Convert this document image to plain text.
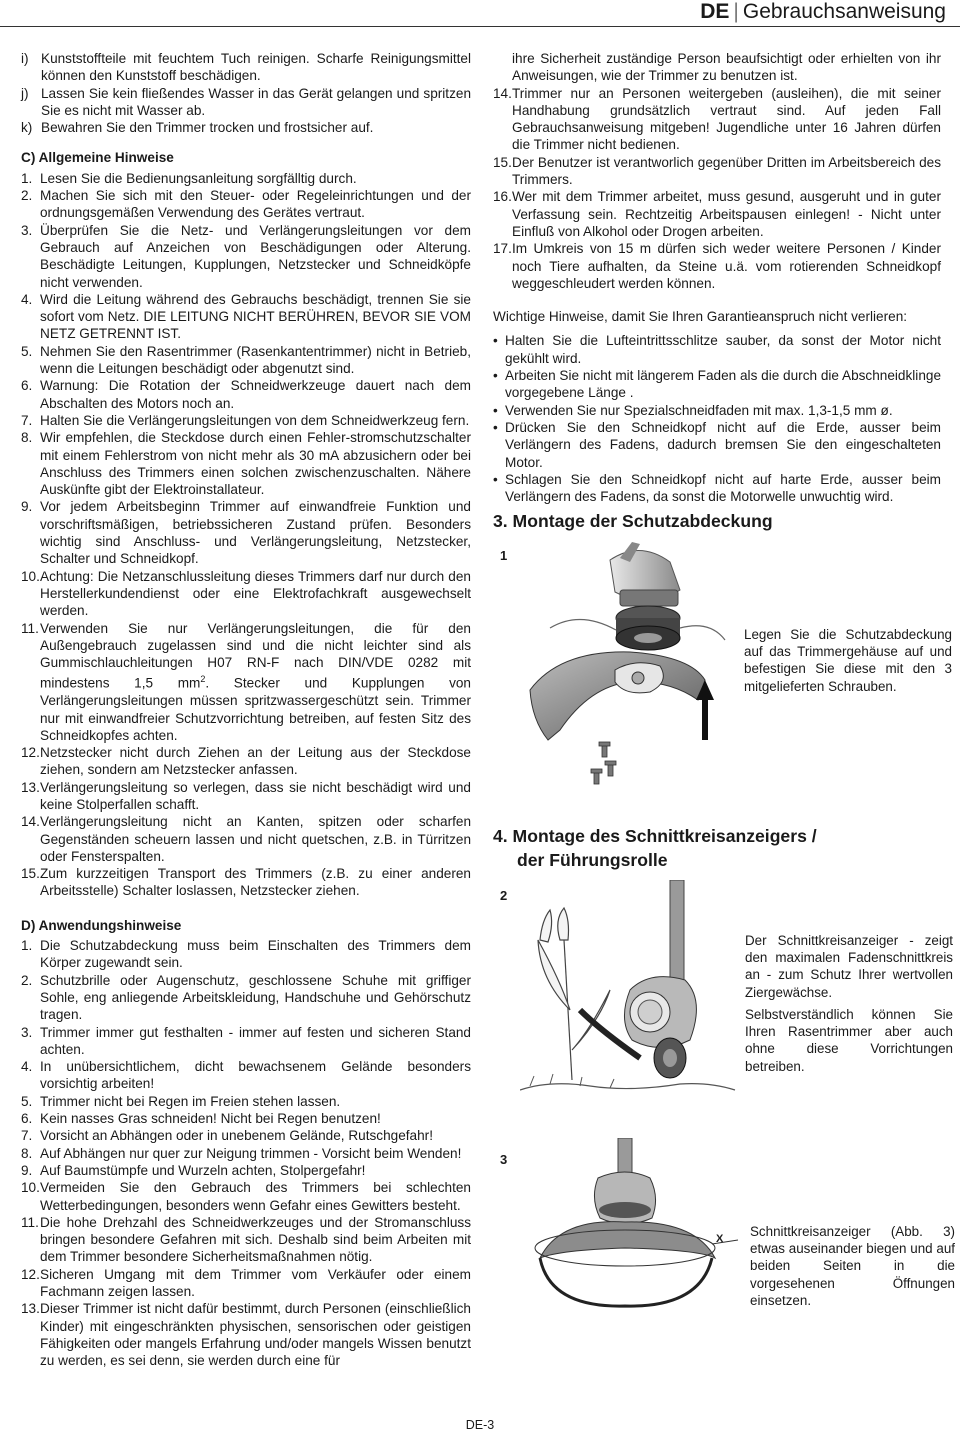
DE | Gebrauchsanweisung
i) Kunststoffteile mit feuchtem Tuch reinigen. Scharfe Reinigungsmittel können den Kunststoff beschädigen.
j) Lassen Sie kein fließendes Wasser in das Gerät gelangen und spritzen Sie es nicht mit Wasser ab.
k) Bewahren Sie den Trimmer trocken und frostsicher auf.
C) Allgemeine Hinweise
1. Lesen Sie die Bedienungsanleitung sorgfälltig durch.
2. Machen Sie sich mit den Steuer- oder Regeleinrichtungen und der ordnungsgemäßen Verwendung des Gerätes vertraut.
3. Überprüfen Sie die Netz- und Verlängerungsleitungen vor dem Gebrauch auf Anzeichen von Beschädigungen oder Alterung. Beschädigte Leitungen, Kupplungen, Netzstecker und Schneidköpfe nicht verwenden.
4. Wird die Leitung während des Gebrauchs beschädigt, trennen Sie sie sofort vom Netz. DIE LEITUNG NICHT BERÜHREN, BEVOR SIE VOM NETZ GETRENNT IST.
5. Nehmen Sie den Rasentrimmer (Rasenkantentrimmer) nicht in Betrieb, wenn die Leitungen beschädigt oder abgenutzt sind.
6. Warnung: Die Rotation der Schneidwerkzeuge dauert nach dem Abschalten des Motors noch an.
7. Halten Sie die Verlängerungsleitungen von dem Schneidwerkzeug fern.
8. Wir empfehlen, die Steckdose durch einen Fehler-stromschutzschalter mit einem Fehlerstrom von nicht mehr als 30 mA abzusichern oder bei Anschluss des Trimmers einen solchen zwischenzuschalten. Nähere Auskünfte gibt der Elektroinstallateur.
9. Vor jedem Arbeitsbeginn Trimmer auf einwandfreie Funktion und vorschriftsmäßigen, betriebssicheren Zustand prüfen. Besonders wichtig sind Anschluss- und Verlängerungsleitung, Netzstecker, Schalter und Schneidkopf.
10. Achtung: Die Netzanschlussleitung dieses Trimmers darf nur durch den Herstellerkundendienst oder eine Elektrofachkraft ausgewechselt werden.
11. Verwenden Sie nur Verlängerungsleitungen, die für den Außengebrauch zugelassen sind und die nicht leichter sind als Gummischlauchleitungen H07 RN-F nach DIN/VDE 0282 mit mindestens 1,5 $mm^2$. Stecker und Kupplungen von Verlängerungsleitungen müssen spritzwassergeschützt sein. Trimmer nur mit einwandfreier Schutzvorrichtung betreiben, auf festen Sitz des Schneidkopfes achten.
12. Netzstecker nicht durch Ziehen an der Leitung aus der Steckdose ziehen, sondern am Netzstecker anfassen.
13. Verlängerungsleitung so verlegen, dass sie nicht beschädigt wird und keine Stolperfallen schafft.
14. Verlängerungsleitung nicht an Kanten, spitzen oder scharfen Gegenständen scheuern lassen und nicht quetschen, z.B. in Türritzen oder Fensterspalten.
15. Zum kurzzeitigen Transport des Trimmers (z.B. zu einer anderen Arbeitsstelle) Schalter loslassen, Netzstecker ziehen.
D) Anwendungshinweise
1. Die Schutzabdeckung muss beim Einschalten des Trimmers dem Körper zugewandt sein.
2. Schutzbrille oder Augenschutz, geschlossene Schuhe mit griffiger Sohle, eng anliegende Arbeitskleidung, Handschuhe und Gehörschutz tragen.
3. Trimmer immer gut festhalten - immer auf festen und sicheren Stand achten.
4. In unübersichtlichem, dicht bewachsenem Gelände besonders vorsichtig arbeiten!
5. Trimmer nicht bei Regen im Freien stehen lassen.
6. Kein nasses Gras schneiden! Nicht bei Regen benutzen!
7. Vorsicht an Abhängen oder in unebenem Gelände, Rutschgefahr!
8. Auf Abhängen nur quer zur Neigung trimmen - Vorsicht beim Wenden!
9. Auf Baumstümpfe und Wurzeln achten, Stolpergefahr!
10. Vermeiden Sie den Gebrauch des Trimmers bei schlechten Wetterbedingungen, besonders wenn Gefahr eines Gewitters besteht.
11. Die hohe Drehzahl des Schneidwerkzeuges und der Stromanschluss bringen besondere Gefahren mit sich. Deshalb sind beim Arbeiten mit dem Trimmer besondere Sicherheitsmaßnahmen nötig.
12. Sicheren Umgang mit dem Trimmer vom Verkäufer oder einem Fachmann zeigen lassen.
13. Dieser Trimmer ist nicht dafür bestimmt, durch Personen (einschließlich Kinder) mit eingeschränkten physischen, sensorischen oder geistigen Fähigkeiten oder mangels Erfahrung und/oder mangels Wissen benutzt zu werden, es sei denn, sie werden durch eine für
ihre Sicherheit zuständige Person beaufsichtigt oder erhielten von ihr Anweisungen, wie der Trimmer zu benutzen ist.
14. Trimmer nur an Personen weitergeben (ausleihen), die mit seiner Handhabung grundsätzlich vertraut sind. Auf jeden Fall Gebrauchsanweisung mitgeben! Jugendliche unter 16 Jahren dürfen die Trimmer nicht bedienen.
15. Der Benutzer ist verantworlich gegenüber Dritten im Arbeitsbereich des Trimmers.
16. Wer mit dem Trimmer arbeitet, muss gesund, ausgeruht und in guter Verfassung sein. Rechtzeitig Arbeitspausen einlegen! - Nicht unter Einfluß von Alkohol oder Drogen arbeiten.
17. Im Umkreis von 15 m dürfen sich weder weitere Personen / Kinder noch Tiere aufhalten, da Steine u.ä. vom rotierenden Schneidkopf weggeschleudert werden können.
Wichtige Hinweise, damit Sie Ihren Garantieanspruch nicht verlieren:
• Halten Sie die Lufteintrittsschlitze sauber, da sonst der Motor nicht gekühlt wird.
• Arbeiten Sie nicht mit längerem Faden als die durch die Abschneidklinge vorgegebene Länge .
• Verwenden Sie nur Spezialschneidfaden mit max. 1,3-1,5 mm ø.
• Drücken Sie den Schneidkopf nicht auf die Erde, ausser beim Verlängern des Fadens, dadurch bremsen Sie den eingeschalteten Motor.
• Schlagen Sie den Schneidkopf nicht auf harte Erde, ausser beim Verlängern des Fadens, da sonst die Motorwelle unwuchtig wird.
3. Montage der Schutzabdeckung
1
Legen Sie die Schutzabdeckung auf das Trimmergehäuse auf und befestigen Sie diese mit den 3 mitgelieferten Schrauben.
4. Montage des Schnittkreisanzeigers /
der Führungsrolle
2
Der Schnittkreisanzeiger - zeigt den maximalen Fadenschnittkreis an - zum Schutz Ihrer wertvollen Ziergewächse.
Selbstverständlich können Sie Ihren Rasentrimmer aber auch ohne diese Vorrichtungen betreiben.
3
X Schnittkreisanzeiger (Abb. 3) etwas auseinander biegen und auf beiden Seiten in die vorgesehenen Öffnungen einsetzen.
DE-3
